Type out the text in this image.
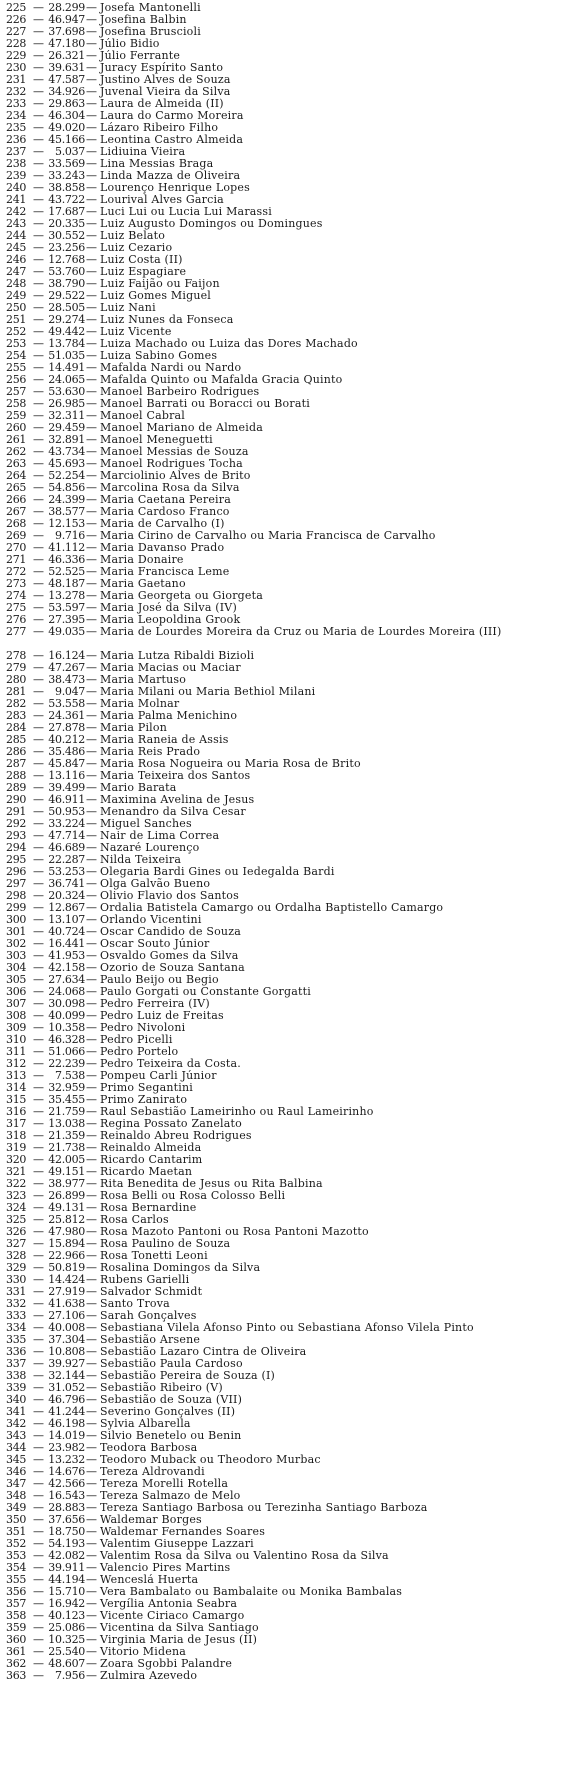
225 — 28.299 — Josefa Mantonelli
226 — 46.947 — Josefina Balbin
227 — 37.698 — Josefina Bruscioli
228 — 47.180 — Júlio Bidio
229 — 26.321 — Júlio Ferrante
230 — 39.631 — Juracy Espírito Santo
231 — 47.587 — Justino Alves de Souza
232 — 34.926 — Juvenal Vieira da Silva
233 — 29.863 — Laura de Almeida (II)
234 — 46.304 — Laura do Carmo Moreira
235 — 49.020 — Lázaro Ribeiro Filho
236 — 45.166 — Leontina Castro Almeida
237 —	5.037 — Lidiuina Vieira
238 — 33.569 — Lina Messias Braga
239 — 33.243 — Linda Mazza de Oliveira
240 — 38.858 — Lourenço Henrique Lopes
241 — 43.722 — Lourival Alves Garcia
242 — 17.687 — Luci Lui ou Lucia Lui Marassi
243 — 20.335 — Luiz Augusto Domingos ou Domingues
244 — 30.552 — Luiz Belato
245 — 23.256 — Luiz Cezario
246 — 12.768 — Luiz Costa (II)
247 — 53.760 — Luiz Espagiare
248 — 38.790 — Luiz Faijão ou Faijon
249 — 29.522 — Luiz Gomes Miguel
250 — 28.505 — Luiz Nani
251 — 29.274 — Luiz Nunes da Fonseca
252 — 49.442 — Luiz Vicente
253 — 13.784 — Luiza Machado ou Luiza das Dores Machado
254 — 51.035 — Luiza Sabino Gomes
255 — 14.491 — Mafalda Nardi ou Nardo
256 — 24.065 — Mafalda Quinto ou Mafalda Gracia Quinto
257 — 53.630 — Manoel Barbeiro Rodrigues
258 — 26.985 — Manoel Barrati ou Boracci ou Borati
259 — 32.311 — Manoel Cabral
260 — 29.459 — Manoel Mariano de Almeida
261 — 32.891 — Manoel Meneguetti
262 — 43.734 — Manoel Messias de Souza
263 — 45.693 — Manoel Rodrigues Tocha
264 — 52.254 — Marciolinio Alves de Brito
265 — 54.856 — Marcolina Rosa da Silva
266 — 24.399 — Maria Caetana Pereira
267 — 38.577 — Maria Cardoso Franco
268 — 12.153 — Maria de Carvalho (I)
269 —	9.716 — Maria Cirino de Carvalho ou Maria Francisca de Carvalho
270 — 41.112 — Maria Davanso Prado
271 — 46.336 — Maria Donaire
272 — 52.525 — Maria Francisca Leme
273 — 48.187 — Maria Gaetano
274 — 13.278 — Maria Georgeta ou Giorgeta
275 — 53.597 — Maria José da Silva (IV)
276 — 27.395 — Maria Leopoldina Grook
277 — 49.035 — Maria de Lourdes Moreira da Cruz ou Maria de Lourdes Moreira (III)
278 — 16.124 — Maria Lutza Ribaldi Bizioli
279 — 47.267 — Maria Macias ou Maciar
280 — 38.473 — Maria Martuso
281 —	9.047 — Maria Milani ou Maria Bethiol Milani
282 — 53.558 — Maria Molnar
283 — 24.361 — Maria Palma Menichino
284 — 27.878 — Maria Pilon
285 — 40.212 — Maria Raneia de Assis
286 — 35.486 — Maria Reis Prado
287 — 45.847 — Maria Rosa Nogueira ou Maria Rosa de Brito
288 — 13.116 — Maria Teixeira dos Santos
289 — 39.499 — Mario Barata
290 — 46.911 — Maximina Avelina de Jesus
291 — 50.953 — Menandro da Silva Cesar
292 — 33.224 — Miguel Sanches
293 — 47.714 — Nair de Lima Correa
294 — 46.689 — Nazaré Lourenço
295 — 22.287 — Nilda Teixeira
296 — 53.253 — Olegaria Bardi Gines ou Iedegalda Bardi
297 — 36.741 — Olga Galvão Bueno
298 — 20.324 — Olivio Flavio dos Santos
299 — 12.867 — Ordalia Batistela Camargo ou Ordalha Baptistello Camargo
300 — 13.107 — Orlando Vicentini
301 — 40.724 — Oscar Candido de Souza
302 — 16.441 — Oscar Souto Júnior
303 — 41.953 — Osvaldo Gomes da Silva
304 — 42.158 — Ozorio de Souza Santana
305 — 27.634 — Paulo Beijo ou Begio
306 — 24.068 — Paulo Gorgati ou Constante Gorgatti
307 — 30.098 — Pedro Ferreira (IV)
308 — 40.099 — Pedro Luiz de Freitas
309 — 10.358 — Pedro Nivoloni
310 — 46.328 — Pedro Picelli
311 — 51.066 — Pedro Portelo
312 — 22.239 — Pedro Teixeira da Costa.
313 —	7.538 — Pompeu Carli Júnior
314 — 32.959 — Primo Segantini
315 — 35.455 — Primo Zanirato
316 — 21.759 — Raul Sebastião Lameirinho ou Raul Lameirinho
317 — 13.038 — Regina Possato Zanelato
318 — 21.359 — Reinaldo Abreu Rodrigues
319 — 21.738 — Reinaldo Almeida
320 — 42.005 — Ricardo Cantarim
321 — 49.151 — Ricardo Maetan
322 — 38.977 — Rita Benedita de Jesus ou Rita Balbina
323 — 26.899 — Rosa Belli ou Rosa Colosso Belli
324 — 49.131 — Rosa Bernardine
325 — 25.812 — Rosa Carlos
326 — 47.980 — Rosa Mazoto Pantoni ou Rosa Pantoni Mazotto
327 — 15.894 — Rosa Paulino de Souza
328 — 22.966 — Rosa Tonetti Leoni
329 — 50.819 — Rosalina Domingos da Silva
330 — 14.424 — Rubens Garielli
331 — 27.919 — Salvador Schmidt
332 — 41.638 — Santo Trova
333 — 27.106 — Sarah Gonçalves
334 — 40.008 — Sebastiana Vilela Afonso Pinto ou Sebastiana Afonso Vilela Pinto
335 — 37.304 — Sebastião Arsene
336 — 10.808 — Sebastião Lazaro Cintra de Oliveira
337 — 39.927 — Sebastião Paula Cardoso
338 — 32.144 — Sebastião Pereira de Souza (I)
339 — 31.052 — Sebastião Ribeiro (V)
340 — 46.796 — Sebastião de Souza (VII)
341 — 41.244 — Severino Gonçalves (II)
342 — 46.198 — Sylvia Albarella
343 — 14.019 — Silvio Benetelo ou Benin
344 — 23.982 — Teodora Barbosa
345 — 13.232 — Teodoro Muback ou Theodoro Murbac
346 — 14.676 — Tereza Aldrovandi
347 — 42.566 — Tereza Morelli Rotella
348 — 16.543 — Tereza Salmazo de Melo
349 — 28.883 — Tereza Santiago Barbosa ou Terezinha Santiago Barboza
350 — 37.656 — Waldemar Borges
351 — 18.750 — Waldemar Fernandes Soares
352 — 54.193 — Valentim Giuseppe Lazzari
353 — 42.082 — Valentim Rosa da Silva ou Valentino Rosa da Silva
354 — 39.911 — Valencio Pires Martins
355 — 44.194 — Wenceslá Huerta
356 — 15.710 — Vera Bambalato ou Bambalaite ou Monika Bambalas
357 — 16.942 — Vergília Antonia Seabra
358 — 40.123 — Vicente Ciriaco Camargo
359 — 25.086 — Vicentina da Silva Santiago
360 — 10.325 — Virginia Maria de Jesus (II)
361 — 25.540 — Vitorio Midena
362 — 48.607 — Zoara Sgobbi Palandre
363 —	7.956 — Zulmira Azevedo
